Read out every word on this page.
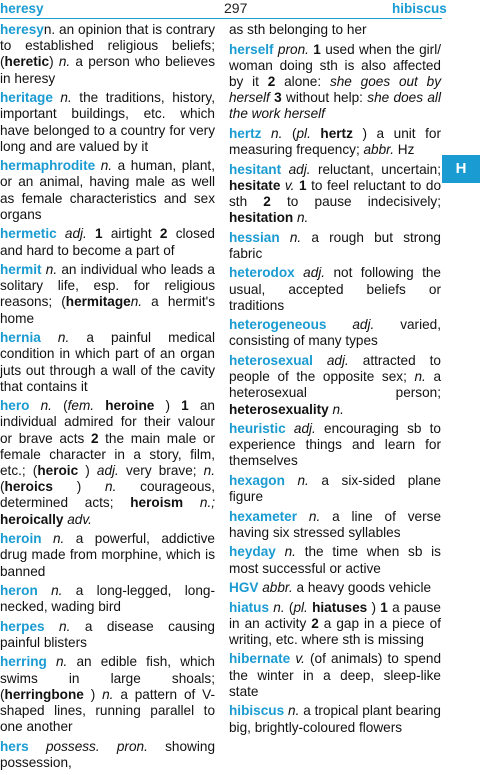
heresy	297	hibiscus
heresyn. an opinion that is contrary to established religious beliefs; (heretic) n. a person who believes in heresy
heritage n. the traditions, history, important buildings, etc. which have belonged to a country for very long and are valued by it
hermaphrodite n. a human, plant, or an animal, having male as well as female characteristics and sex organs
hermetic adj. 1 airtight 2 closed and hard to become a part of
hermit n. an individual who leads a solitary life, esp. for religious reasons; (hermitagen. a hermit's home
hernia n. a painful medical condition in which part of an organ juts out through a wall of the cavity that contains it
hero n. (fem. heroine ) 1 an individual admired for their valour or brave acts 2 the main male or female character in a story, film, etc.; (heroic ) adj. very brave; n. (heroics ) n. courageous, determined acts; heroism n.; heroically adv.
heroin n. a powerful, addictive drug made from morphine, which is banned
heron n. a long-legged, long-necked, wading bird
herpes n. a disease causing painful blisters
herring n. an edible fish, which swims in large shoals; (herringbone ) n. a pattern of V-shaped lines, running parallel to one another
hers possess. pron. showing possession,
as sth belonging to her
herself pron. 1 used when the girl/ woman doing sth is also affected by it 2 alone: she goes out by herself 3 without help: she does all the work herself
hertz n. (pl. hertz ) a unit for measuring frequency; abbr. Hz
hesitant adj. reluctant, uncertain; hesitate v. 1 to feel reluctant to do sth 2 to pause indecisively; hesitation n.
hessian n. a rough but strong fabric
heterodox adj. not following the usual, accepted beliefs or traditions
heterogeneous adj. varied, consisting of many types
heterosexual adj. attracted to people of the opposite sex; n. a heterosexual person; heterosexuality n.
heuristic adj. encouraging sb to experience things and learn for themselves
hexagon n. a six-sided plane figure
hexameter n. a line of verse having six stressed syllables
heyday n. the time when sb is most successful or active
HGV abbr. a heavy goods vehicle
hiatus n. (pl. hiatuses ) 1 a pause in an activity 2 a gap in a piece of writing, etc. where sth is missing
hibernate v. (of animals) to spend the winter in a deep, sleep-like state
hibiscus n. a tropical plant bearing big, brightly-coloured flowers
H
